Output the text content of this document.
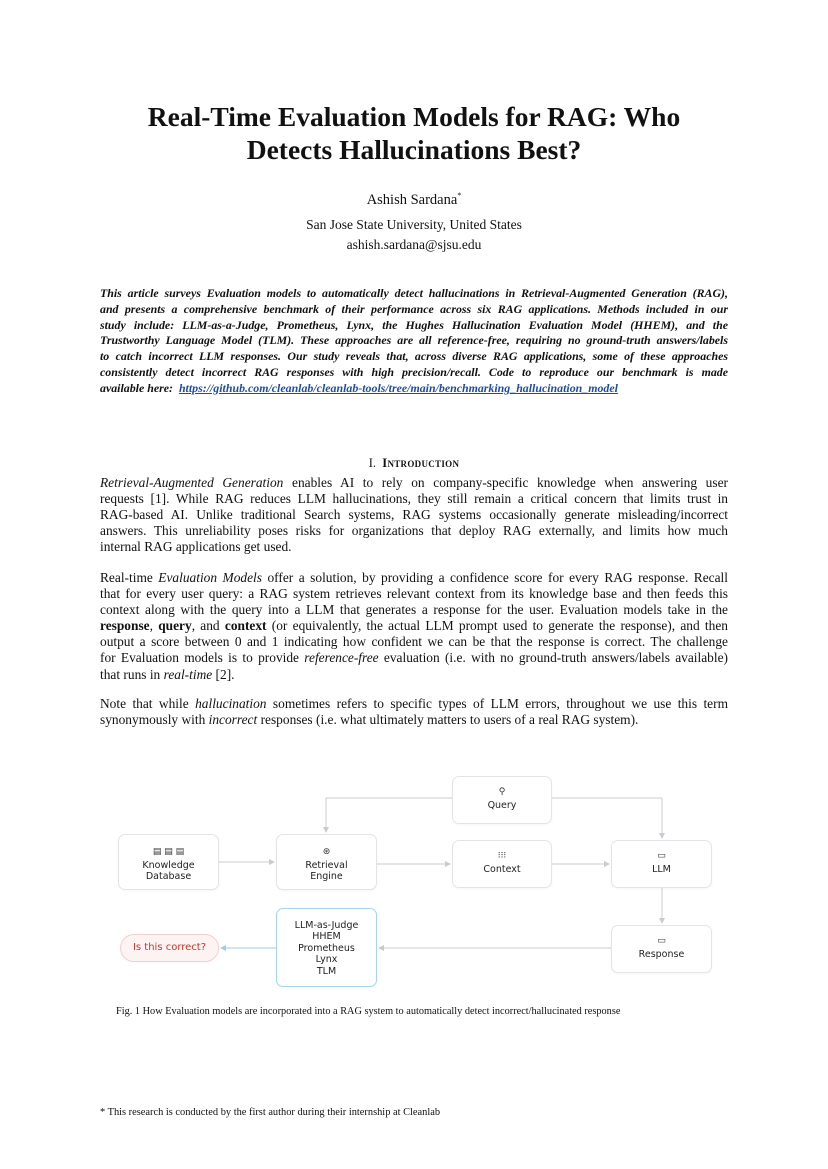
Real-Time Evaluation Models for RAG: Who
Detects Hallucinations Best?
Ashish Sardana*
San Jose State University, United States
ashish.sardana@sjsu.edu
This article surveys Evaluation models to automatically detect hallucinations in Retrieval-Augmented Generation (RAG),
and presents a comprehensive benchmark of their performance across six RAG applications. Methods included in our
study include: LLM-as-a-Judge, Prometheus, Lynx, the Hughes Hallucination Evaluation Model (HHEM), and the
Trustworthy Language Model (TLM). These approaches are all reference-free, requiring no ground-truth answers/labels
to catch incorrect LLM responses. Our study reveals that, across diverse RAG applications, some of these approaches
consistently detect incorrect RAG responses with high precision/recall. Code to reproduce our benchmark is made
available here: https://github.com/cleanlab/cleanlab-tools/tree/main/benchmarking_hallucination_model
I. Introduction
Retrieval-Augmented Generation enables AI to rely on company-specific knowledge when answering user
requests [1]. While RAG reduces LLM hallucinations, they still remain a critical concern that limits trust in
RAG-based AI. Unlike traditional Search systems, RAG systems occasionally generate misleading/incorrect
answers. This unreliability poses risks for organizations that deploy RAG externally, and limits how much
internal RAG applications get used.
Real-time Evaluation Models offer a solution, by providing a confidence score for every RAG response. Recall
that for every user query: a RAG system retrieves relevant context from its knowledge base and then feeds this
context along with the query into a LLM that generates a response for the user. Evaluation models take in the
response, query, and context (or equivalently, the actual LLM prompt used to generate the response), and then
output a score between 0 and 1 indicating how confident we can be that the response is correct. The challenge
for Evaluation models is to provide reference-free evaluation (i.e. with no ground-truth answers/labels available)
that runs in real-time [2].
Note that while hallucination sometimes refers to specific types of LLM errors, throughout we use this term
synonymously with incorrect responses (i.e. what ultimately matters to users of a real RAG system).
▤ ▤ ▤
Knowledge
Database
⊛
Retrieval
Engine
⚲
Query
⁝⁝⁝
Context
▭
LLM
▭
Response
LLM-as-Judge
HHEM
Prometheus
Lynx
TLM
Is this correct?
Fig. 1 How Evaluation models are incorporated into a RAG system to automatically detect incorrect/hallucinated response
* This research is conducted by the first author during their internship at Cleanlab
